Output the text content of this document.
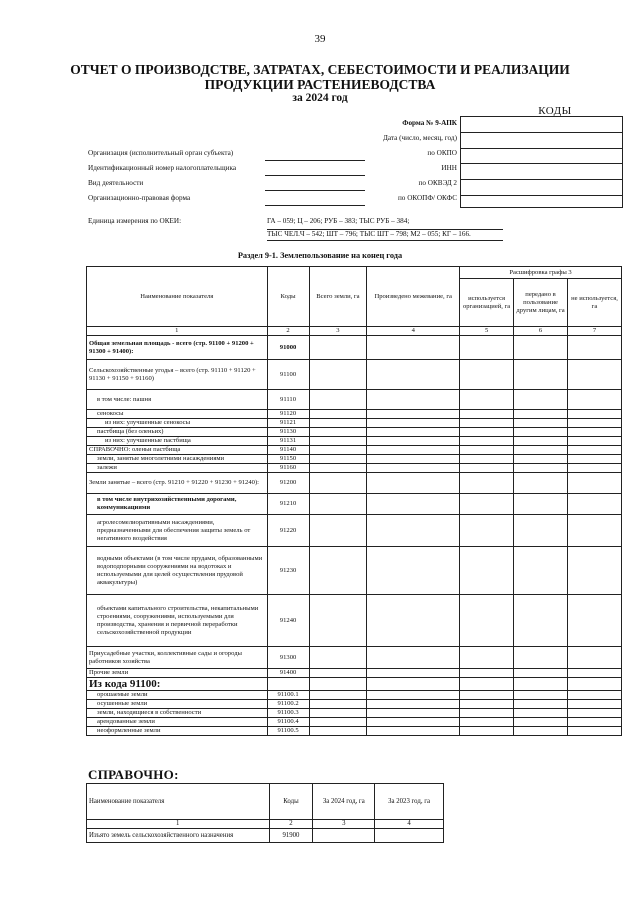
39
ОТЧЕТ О ПРОИЗВОДСТВЕ, ЗАТРАТАХ, СЕБЕСТОИМОСТИ И РЕАЛИЗАЦИИ
ПРОДУКЦИИ РАСТЕНИЕВОДСТВА
за 2024 год
КОДЫ
Форма № 9-АПК
Дата (число, месяц, год)
по ОКПО
ИНН
по ОКВЭД 2
по ОКОПФ/ ОКФС
Организация (исполнительный орган субъекта)
Идентификационный номер налогоплательщика
Вид деятельности
Организационно-правовая форма
Единица измерения по ОКЕИ:	ГА – 059; Ц – 206; РУБ – 383; ТЫС РУБ – 384;
ТЫС ЧЕЛ.Ч – 542; ШТ – 796; ТЫС ШТ – 798; М2 – 055; КГ – 166.
Раздел 9-1. Землепользование на конец года
Наименование показателя	Коды	Всего земли, га	Произведено межевание, га	Расшифровка графы 3		
				используется организацией, га	передано в пользование другим лицам, га	не используется, га
1	2	3	4	5	6	7
Общая земельная площадь - всего (стр. 91100 + 91200 + 91300 + 91400):	91000					
Сельскохозяйственные угодья – всего (стр. 91110 + 91120 + 91130 + 91150 + 91160)	91100					
в том числе: пашня	91110					
сенокосы	91120					
из них: улучшенные сенокосы	91121					
пастбища (без оленьих)	91130					
из них: улучшенные пастбища	91131					
СПРАВОЧНО: оленьи пастбища	91140					
земли, занятые многолетними насаждениями	91150					
залежи	91160					
Земли занятые – всего (стр. 91210 + 91220 + 91230 + 91240):	91200					
в том числе внутрихозяйственными дорогами, коммуникациями	91210					
агролесомелиоративными насаждениями, предназначенными для обеспечения защиты земель от негативного воздействия	91220					
водными объектами (в том числе прудами, образованными водоподпорными сооружениями на водотоках и используемыми для целей осуществления прудовой аквакультуры)	91230					
объектами капитального строительства, некапитальными строениями, сооружениями, используемыми для производства, хранения и первичной переработки сельскохозяйственной продукции	91240					
Приусадебные участки, коллективные сады и огороды работников хозяйства	91300					
Прочие земли	91400					
Из кода 91100:						
орошаемые земли	91100.1					
осушенные земли	91100.2					
земли, находящиеся в собственности	91100.3					
арендованные земли	91100.4					
неоформленные земли	91100.5					
СПРАВОЧНО:
Наименование показателя	Коды	За 2024 год, га	За 2023 год, га
1	2	3	4
Изъято земель сельскохозяйственного назначения	91900		
